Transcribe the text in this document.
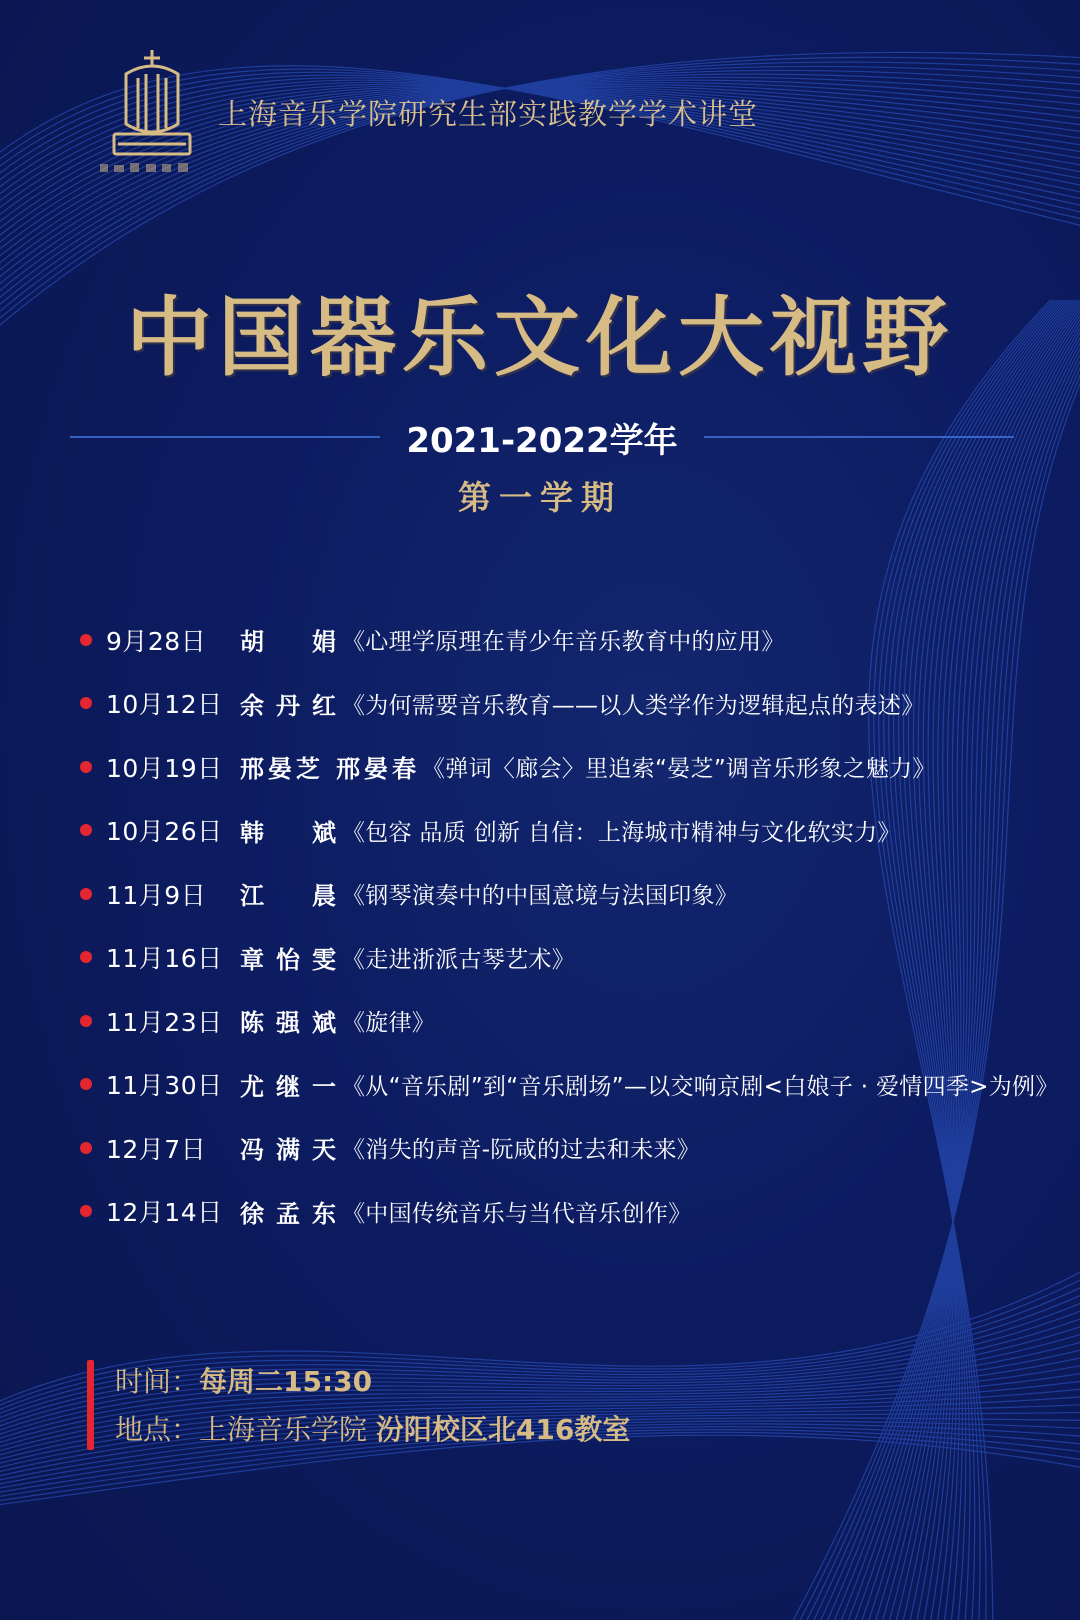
上海音乐学院研究生部实践教学学术讲堂
中国器乐文化大视野
2021-2022学年
第一学期
9月28日	胡　娟 《心理学原理在青少年音乐教育中的应用》
10月12日 余丹红 《为何需要音乐教育——以人类学作为逻辑起点的表述》
10月19日 邢晏芝 邢晏春 《弹词〈廊会〉里追索“晏芝”调音乐形象之魅力》
10月26日 韩　斌 《包容 品质 创新 自信：上海城市精神与文化软实力》
11月9日	江　晨 《钢琴演奏中的中国意境与法国印象》
11月16日 章怡雯 《走进浙派古琴艺术》
11月23日 陈强斌 《旋律》
11月30日 尤继一 《从“音乐剧”到“音乐剧场”—以交响京剧<白娘子 · 爱情四季>为例》
12月7日	冯满天 《消失的声音-阮咸的过去和未来》
12月14日 徐孟东 《中国传统音乐与当代音乐创作》
时间：每周二15:30
地点：上海音乐学院 汾阳校区北416教室
